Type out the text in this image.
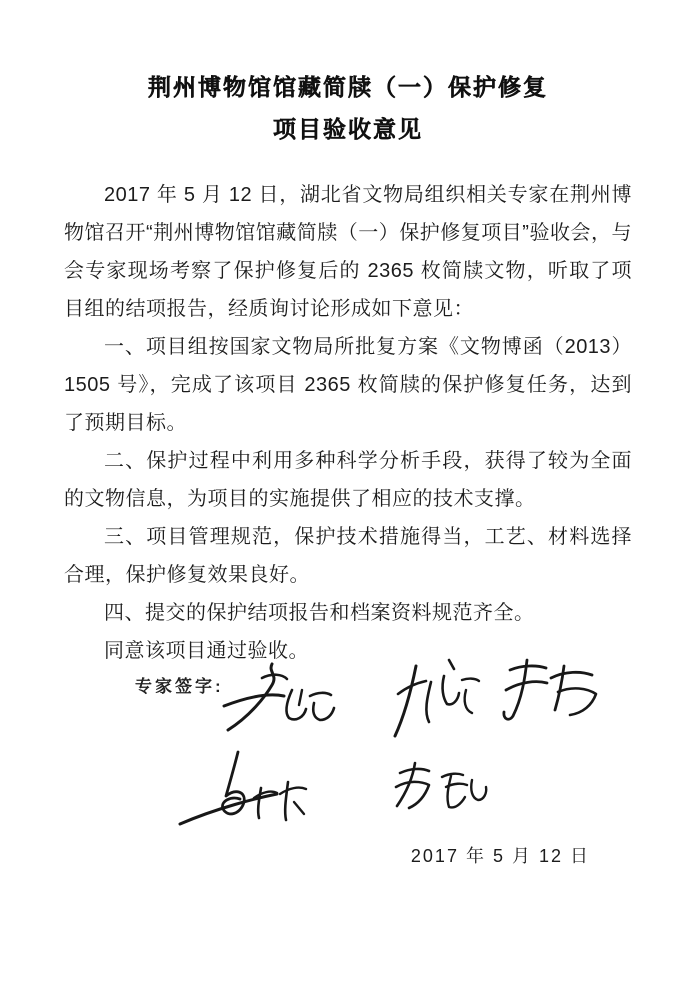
荆州博物馆馆藏简牍（一）保护修复
项目验收意见

2017 年 5 月 12 日，湖北省文物局组织相关专家在荆州博物馆召开“荆州博物馆馆藏简牍（一）保护修复项目”验收会，与会专家现场考察了保护修复后的 2365 枚简牍文物，听取了项目组的结项报告，经质询讨论形成如下意见：

一、项目组按国家文物局所批复方案《文物博函（2013）1505 号》，完成了该项目 2365 枚简牍的保护修复任务，达到了预期目标。

二、保护过程中利用多种科学分析手段，获得了较为全面的文物信息，为项目的实施提供了相应的技术支撑。

三、项目管理规范，保护技术措施得当，工艺、材料选择合理，保护修复效果良好。

四、提交的保护结项报告和档案资料规范齐全。

同意该项目通过验收。

专家签字:
2017 年 5 月 12 日
